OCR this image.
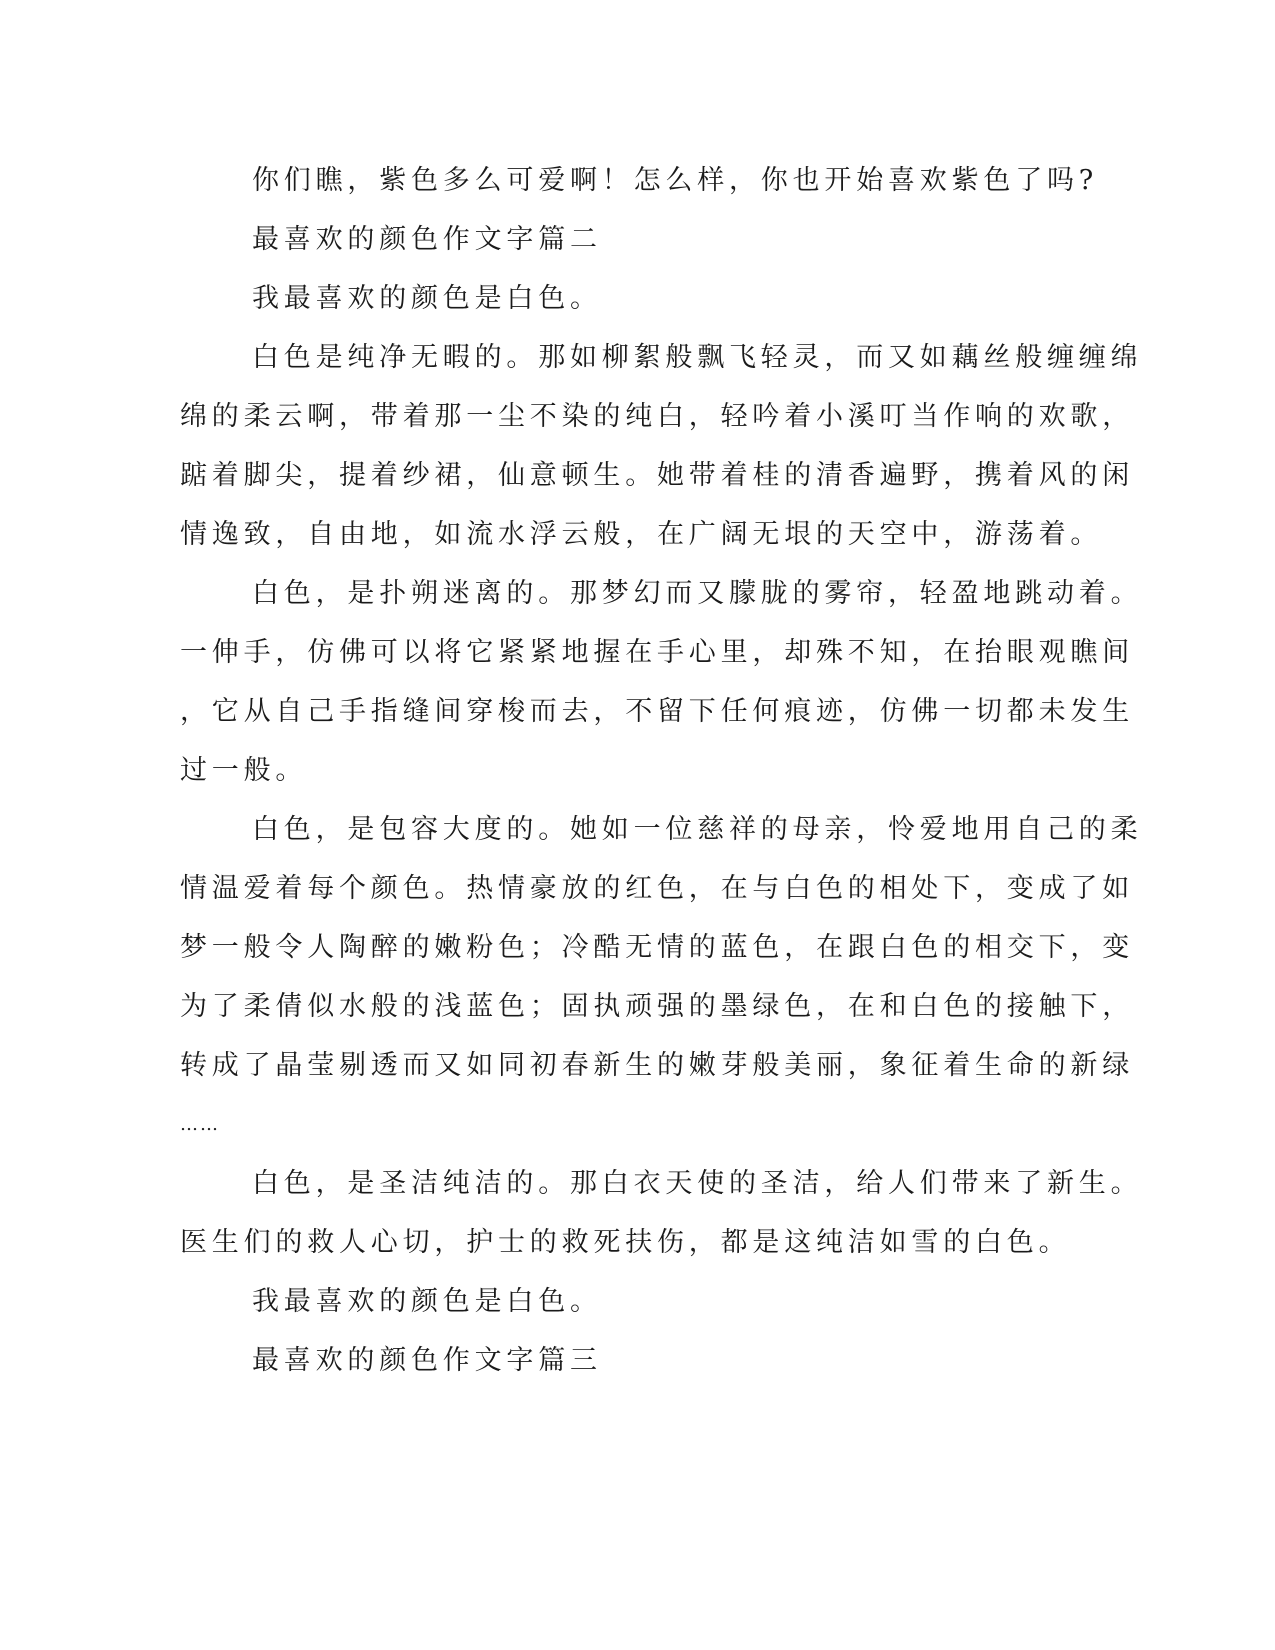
你们瞧，紫色多么可爱啊！怎么样，你也开始喜欢紫色了吗?

最喜欢的颜色作文字篇二

我最喜欢的颜色是白色。

白色是纯净无暇的。那如柳絮般飘飞轻灵，而又如藕丝般缠缠绵

绵的柔云啊，带着那一尘不染的纯白，轻吟着小溪叮当作响的欢歌，

踮着脚尖，提着纱裙，仙意顿生。她带着桂的清香遍野，携着风的闲

情逸致，自由地，如流水浮云般，在广阔无垠的天空中，游荡着。

白色，是扑朔迷离的。那梦幻而又朦胧的雾帘，轻盈地跳动着。

一伸手，仿佛可以将它紧紧地握在手心里，却殊不知，在抬眼观瞧间

，它从自己手指缝间穿梭而去，不留下任何痕迹，仿佛一切都未发生

过一般。

白色，是包容大度的。她如一位慈祥的母亲，怜爱地用自己的柔

情温爱着每个颜色。热情豪放的红色，在与白色的相处下，变成了如

梦一般令人陶醉的嫩粉色；冷酷无情的蓝色，在跟白色的相交下，变

为了柔倩似水般的浅蓝色；固执顽强的墨绿色，在和白色的接触下，

转成了晶莹剔透而又如同初春新生的嫩芽般美丽，象征着生命的新绿

……

白色，是圣洁纯洁的。那白衣天使的圣洁，给人们带来了新生。

医生们的救人心切，护士的救死扶伤，都是这纯洁如雪的白色。

我最喜欢的颜色是白色。

最喜欢的颜色作文字篇三
